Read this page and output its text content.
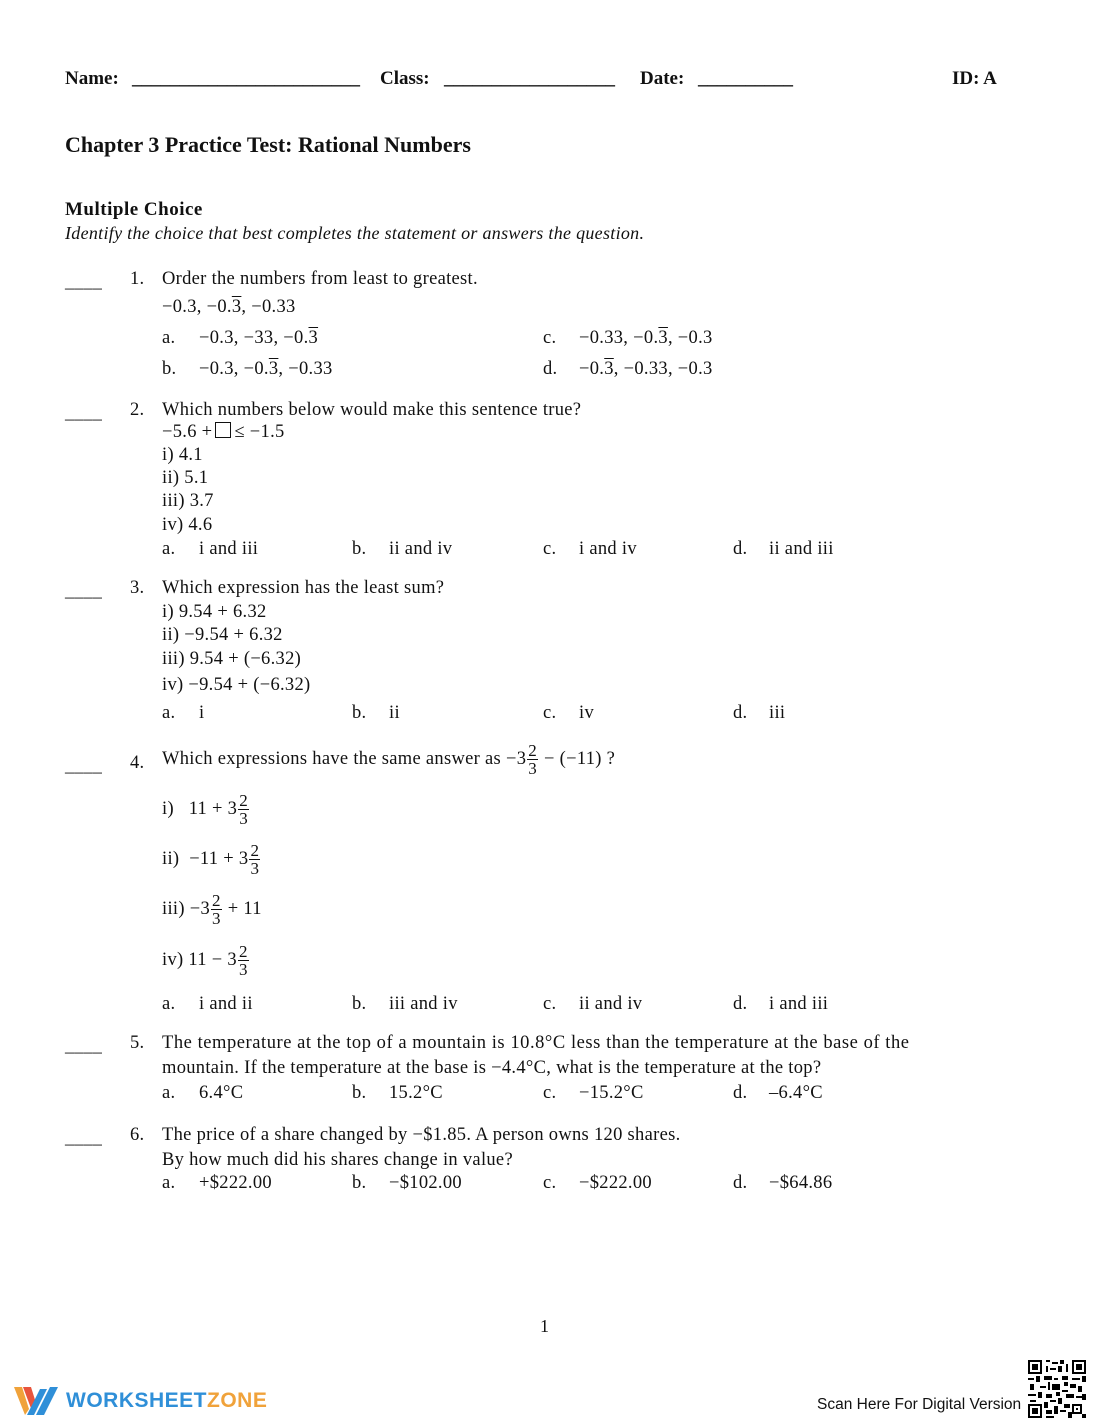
Name: ________________________ Class: __________________ Date: __________	ID: A
Chapter 3 Practice Test: Rational Numbers
Multiple Choice
Identify the choice that best completes the statement or answers the question.
____ 1. Order the numbers from least to greatest.
−0.3, −0.3, −0.33
a. −0.3, −33, −0.3	c. −0.33, −0.3, −0.3
b. −0.3, −0.3, −0.33	d. −0.3, −0.33, −0.3
____ 2. Which numbers below would make this sentence true?
−5.6 + ≤ −1.5
i) 4.1
ii) 5.1
iii) 3.7
iv) 4.6
a. i and iii	b. ii and iv	c. i and iv	d. ii and iii
____ 3. Which expression has the least sum?
i) 9.54 + 6.32
ii) −9.54 + 6.32
iii) 9.54 + (−6.32)
iv) −9.54 + (−6.32)
a. i	b. ii	c. iv	d. iii
____ 4. Which expressions have the same answer as $-3 \frac{2}{3} - (-11)$ ?
i) $11 + 3 \frac{2}{3}$
$ii) -11 + 3 \frac{2}{3}$
$iii) -3 \frac{2}{3} + 11$
iv) $11 - 3 \frac{2}{3}$
a. i and ii	b. iii and iv	c. ii and iv	d. i and iii
____ 5. The temperature at the top of a mountain is 10.8°C less than the temperature at the base of the
mountain. If the temperature at the base is −4.4°C, what is the temperature at the top?
a. 6.4°C	b. 15.2°C	c. −15.2°C	d. –6.4°C
____ 6. The price of a share changed by −$1.85. A person owns 120 shares.
By how much did his shares change in value?
a. +$222.00	b. −$102.00	c. −$222.00	d. −$64.86
1
WORKSHEETZONE	Scan Here For Digital Version
